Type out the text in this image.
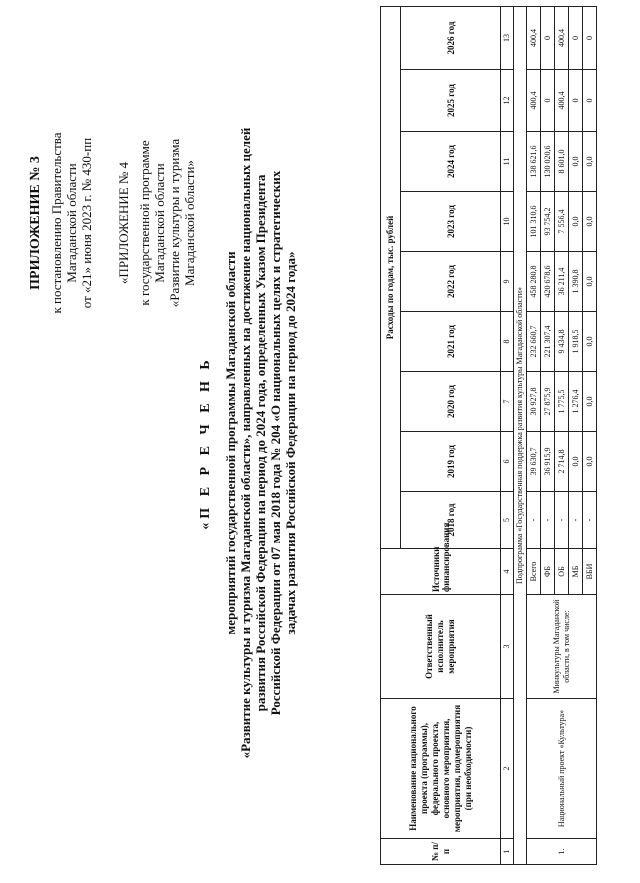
ПРИЛОЖЕНИЕ № 3 к постановлению Правительства Магаданской области от «21» июня 2023 г. № 430-пп «ПРИЛОЖЕНИЕ № 4 к государственной программе Магаданской области «Развитие культуры и туризма Магаданской области»
«П Е Р Е Ч Е Н Ь мероприятий государственной программы Магаданской области «Развитие культуры и туризма Магаданской области», направленных на достижение национальных целей развития Российской Федерации на период до 2024 года, определенных Указом Президента Российской Федерации от 07 мая 2018 года № 204 «О национальных целях и стратегических задачах развития Российской Федерации на период до 2024 года»
№ п/п	Наименование национального проекта (программы), федерального проекта, основного мероприятия, мероприятия, подмероприятия (при необходимости)	Ответственный исполнитель мероприятия	Источники финансирования	Расходы по годам, тыс. рублей								
				2018 год	2019 год	2020 год	2021 год	2022 год	2023 год	2024 год	2025 год	2026 год
1	2	3	4	5	6	7	8	9	10	11	12	13
Подпрограмма «Государственная поддержка развития культуры Магаданской области»												
1.	Национальный проект «Культура»	Минкультуры Магаданской области, в том числе:	Всего	-	39 630,7	30 927,8	232 660,7	458 280,8	101 310,6	138 621,6	400,4	400,4
			ФБ	-	36 915,9	27 875,9	221 307,4	420 678,6	93 754,2	130 020,6	0	0
			ОБ	-	2 714,8	1 775,5	9 434,8	36 211,4	7 556,4	8 601,0	400,4	400,4
			МБ	-	0,0	1 276,4	1 918,5	1 390,8	0,0	0,0	0	0
			ВБИ	-	0,0	0,0	0,0	0,0	0,0	0,0	0	0
